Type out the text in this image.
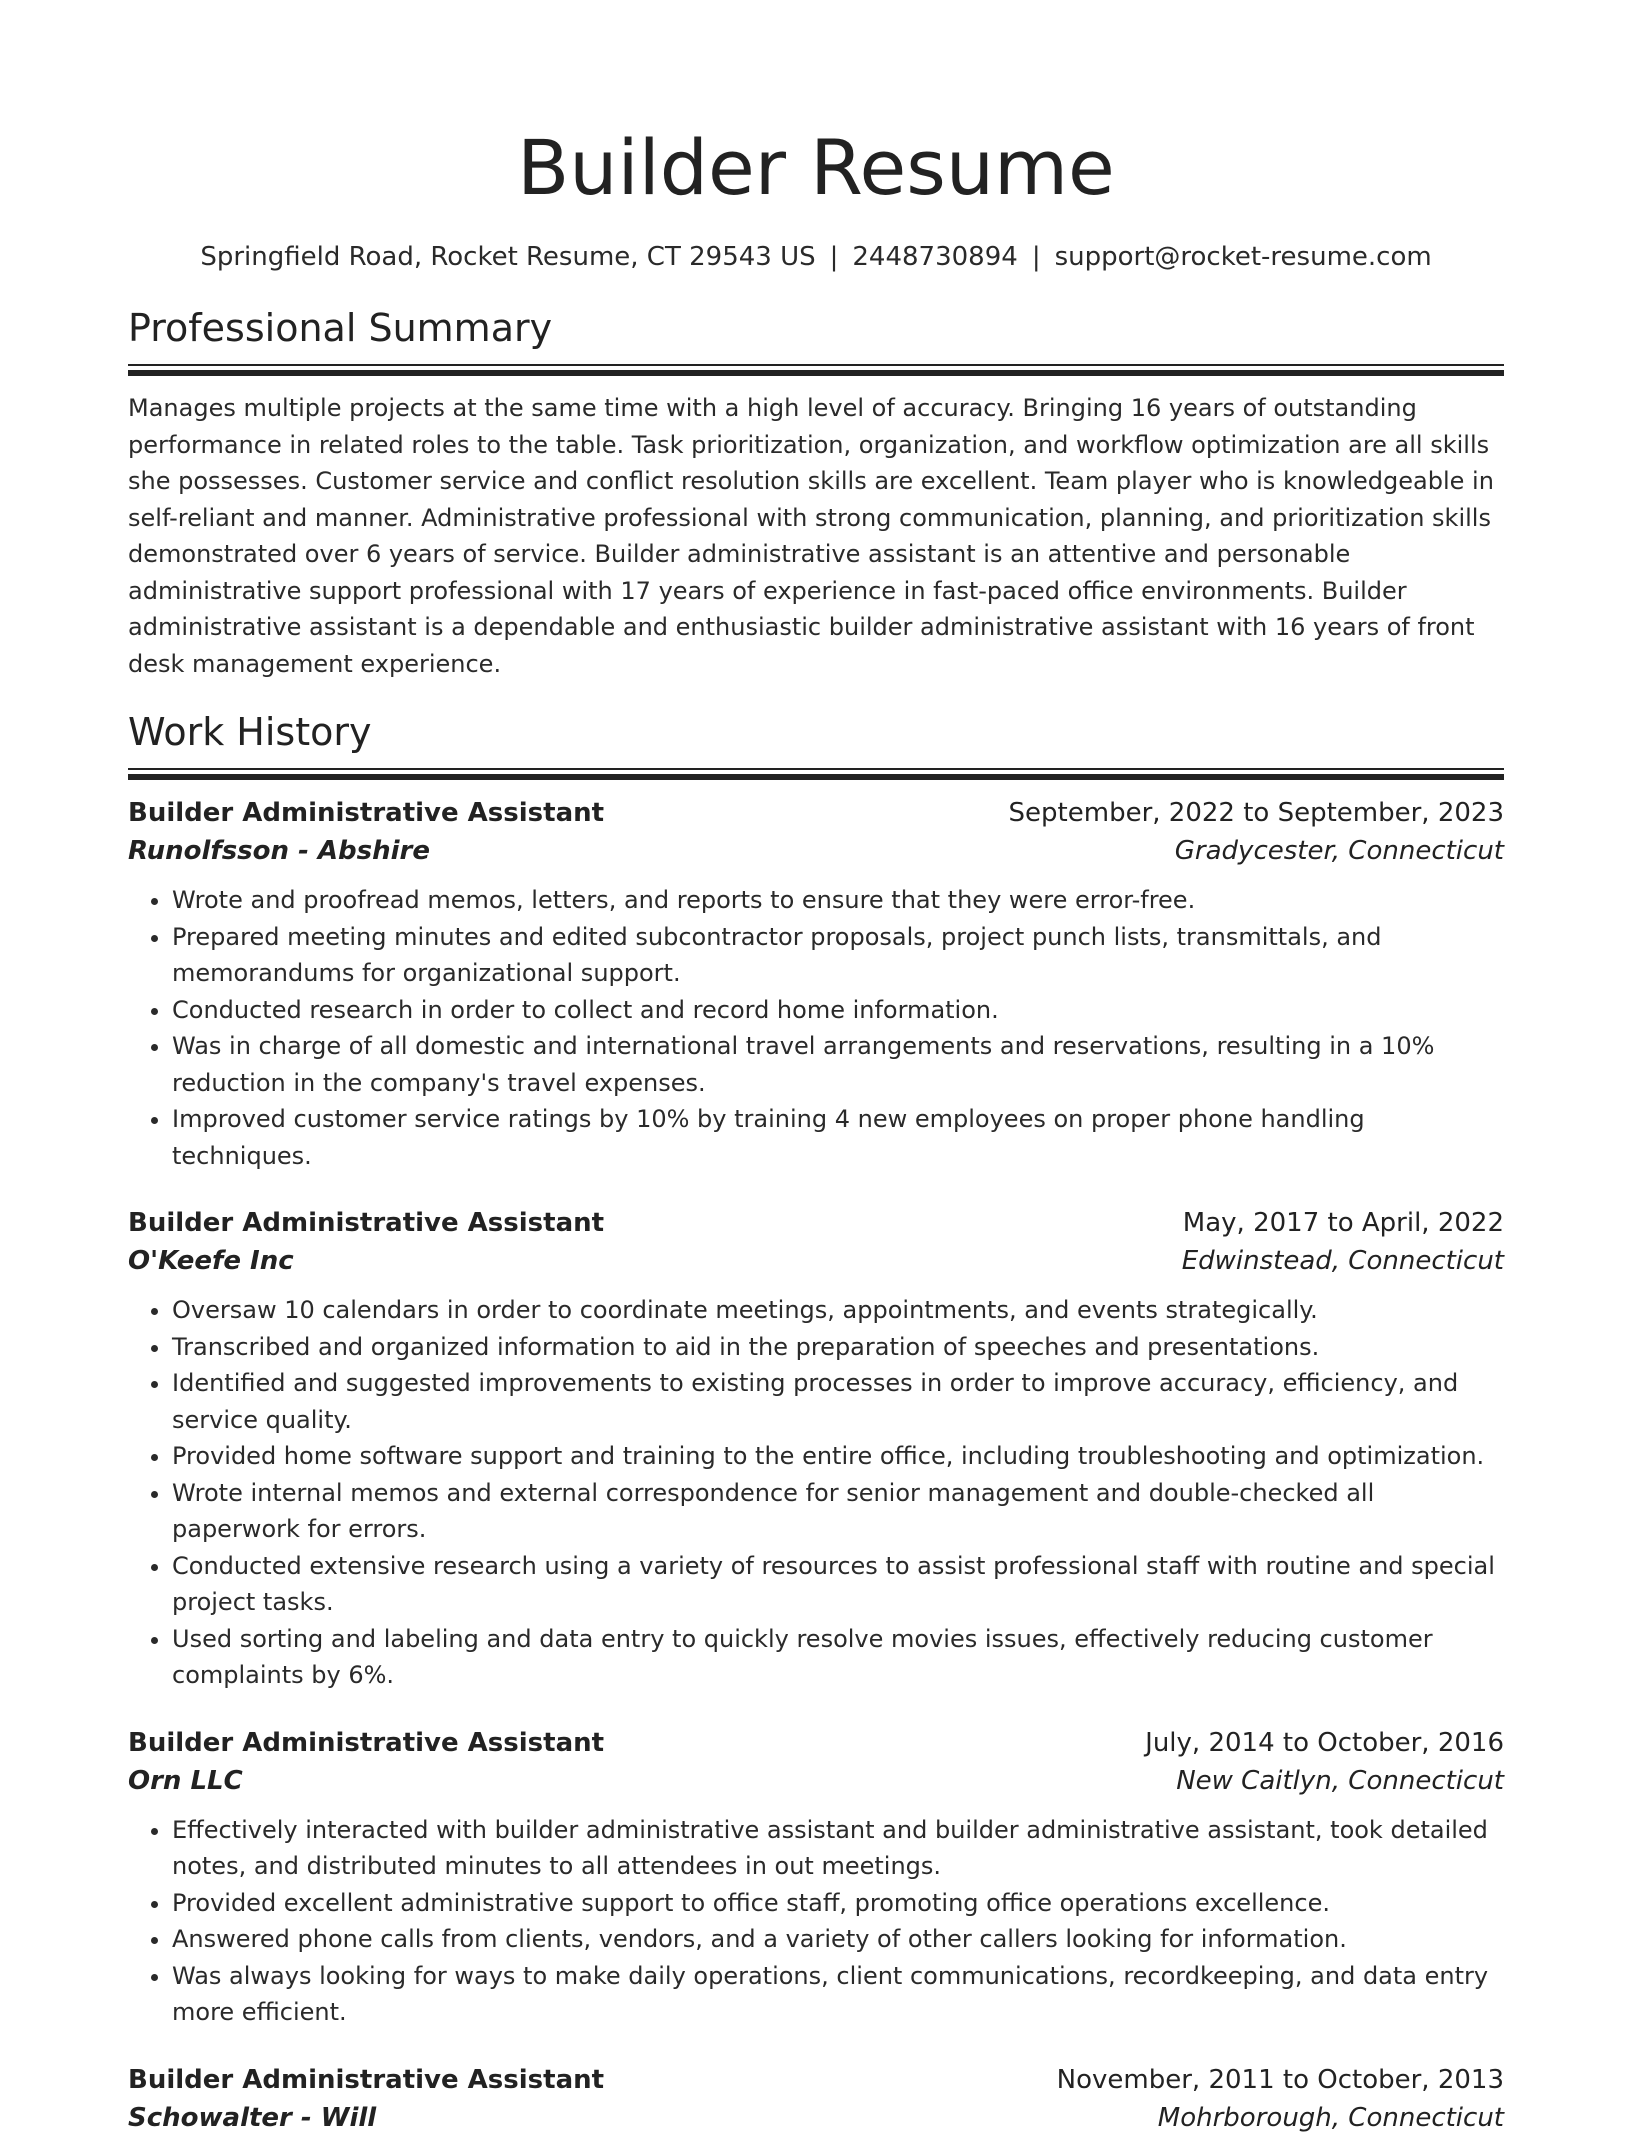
Builder Resume
Springfield Road, Rocket Resume, CT 29543 US | 2448730894 | support@rocket-resume.com
Professional Summary

Manages multiple projects at the same time with a high level of accuracy. Bringing 16 years of outstanding performance in related roles to the table. Task prioritization, organization, and workflow optimization are all skills she possesses. Customer service and conflict resolution skills are excellent. Team player who is knowledgeable in self-reliant and manner. Administrative professional with strong communication, planning, and prioritization skills demonstrated over 6 years of service. Builder administrative assistant is an attentive and personable administrative support professional with 17 years of experience in fast-paced office environments. Builder administrative assistant is a dependable and enthusiastic builder administrative assistant with 16 years of front desk management experience.

Work History
Builder Administrative Assistant	September, 2022 to September, 2023
Runolfsson - Abshire	Gradycester, Connecticut
• Wrote and proofread memos, letters, and reports to ensure that they were error-free.
• Prepared meeting minutes and edited subcontractor proposals, project punch lists, transmittals, and memorandums for organizational support.
• Conducted research in order to collect and record home information.
• Was in charge of all domestic and international travel arrangements and reservations, resulting in a 10% reduction in the company's travel expenses.
• Improved customer service ratings by 10% by training 4 new employees on proper phone handling techniques.
Builder Administrative Assistant	May, 2017 to April, 2022
O'Keefe Inc	Edwinstead, Connecticut
• Oversaw 10 calendars in order to coordinate meetings, appointments, and events strategically.
• Transcribed and organized information to aid in the preparation of speeches and presentations.
• Identified and suggested improvements to existing processes in order to improve accuracy, efficiency, and service quality.
• Provided home software support and training to the entire office, including troubleshooting and optimization.
• Wrote internal memos and external correspondence for senior management and double-checked all paperwork for errors.
• Conducted extensive research using a variety of resources to assist professional staff with routine and special project tasks.
• Used sorting and labeling and data entry to quickly resolve movies issues, effectively reducing customer complaints by 6%.
Builder Administrative Assistant	July, 2014 to October, 2016
Orn LLC	New Caitlyn, Connecticut
• Effectively interacted with builder administrative assistant and builder administrative assistant, took detailed notes, and distributed minutes to all attendees in out meetings.
• Provided excellent administrative support to office staff, promoting office operations excellence.
• Answered phone calls from clients, vendors, and a variety of other callers looking for information.
• Was always looking for ways to make daily operations, client communications, recordkeeping, and data entry more efficient.
Builder Administrative Assistant	November, 2011 to October, 2013
Schowalter - Will	Mohrborough, Connecticut
